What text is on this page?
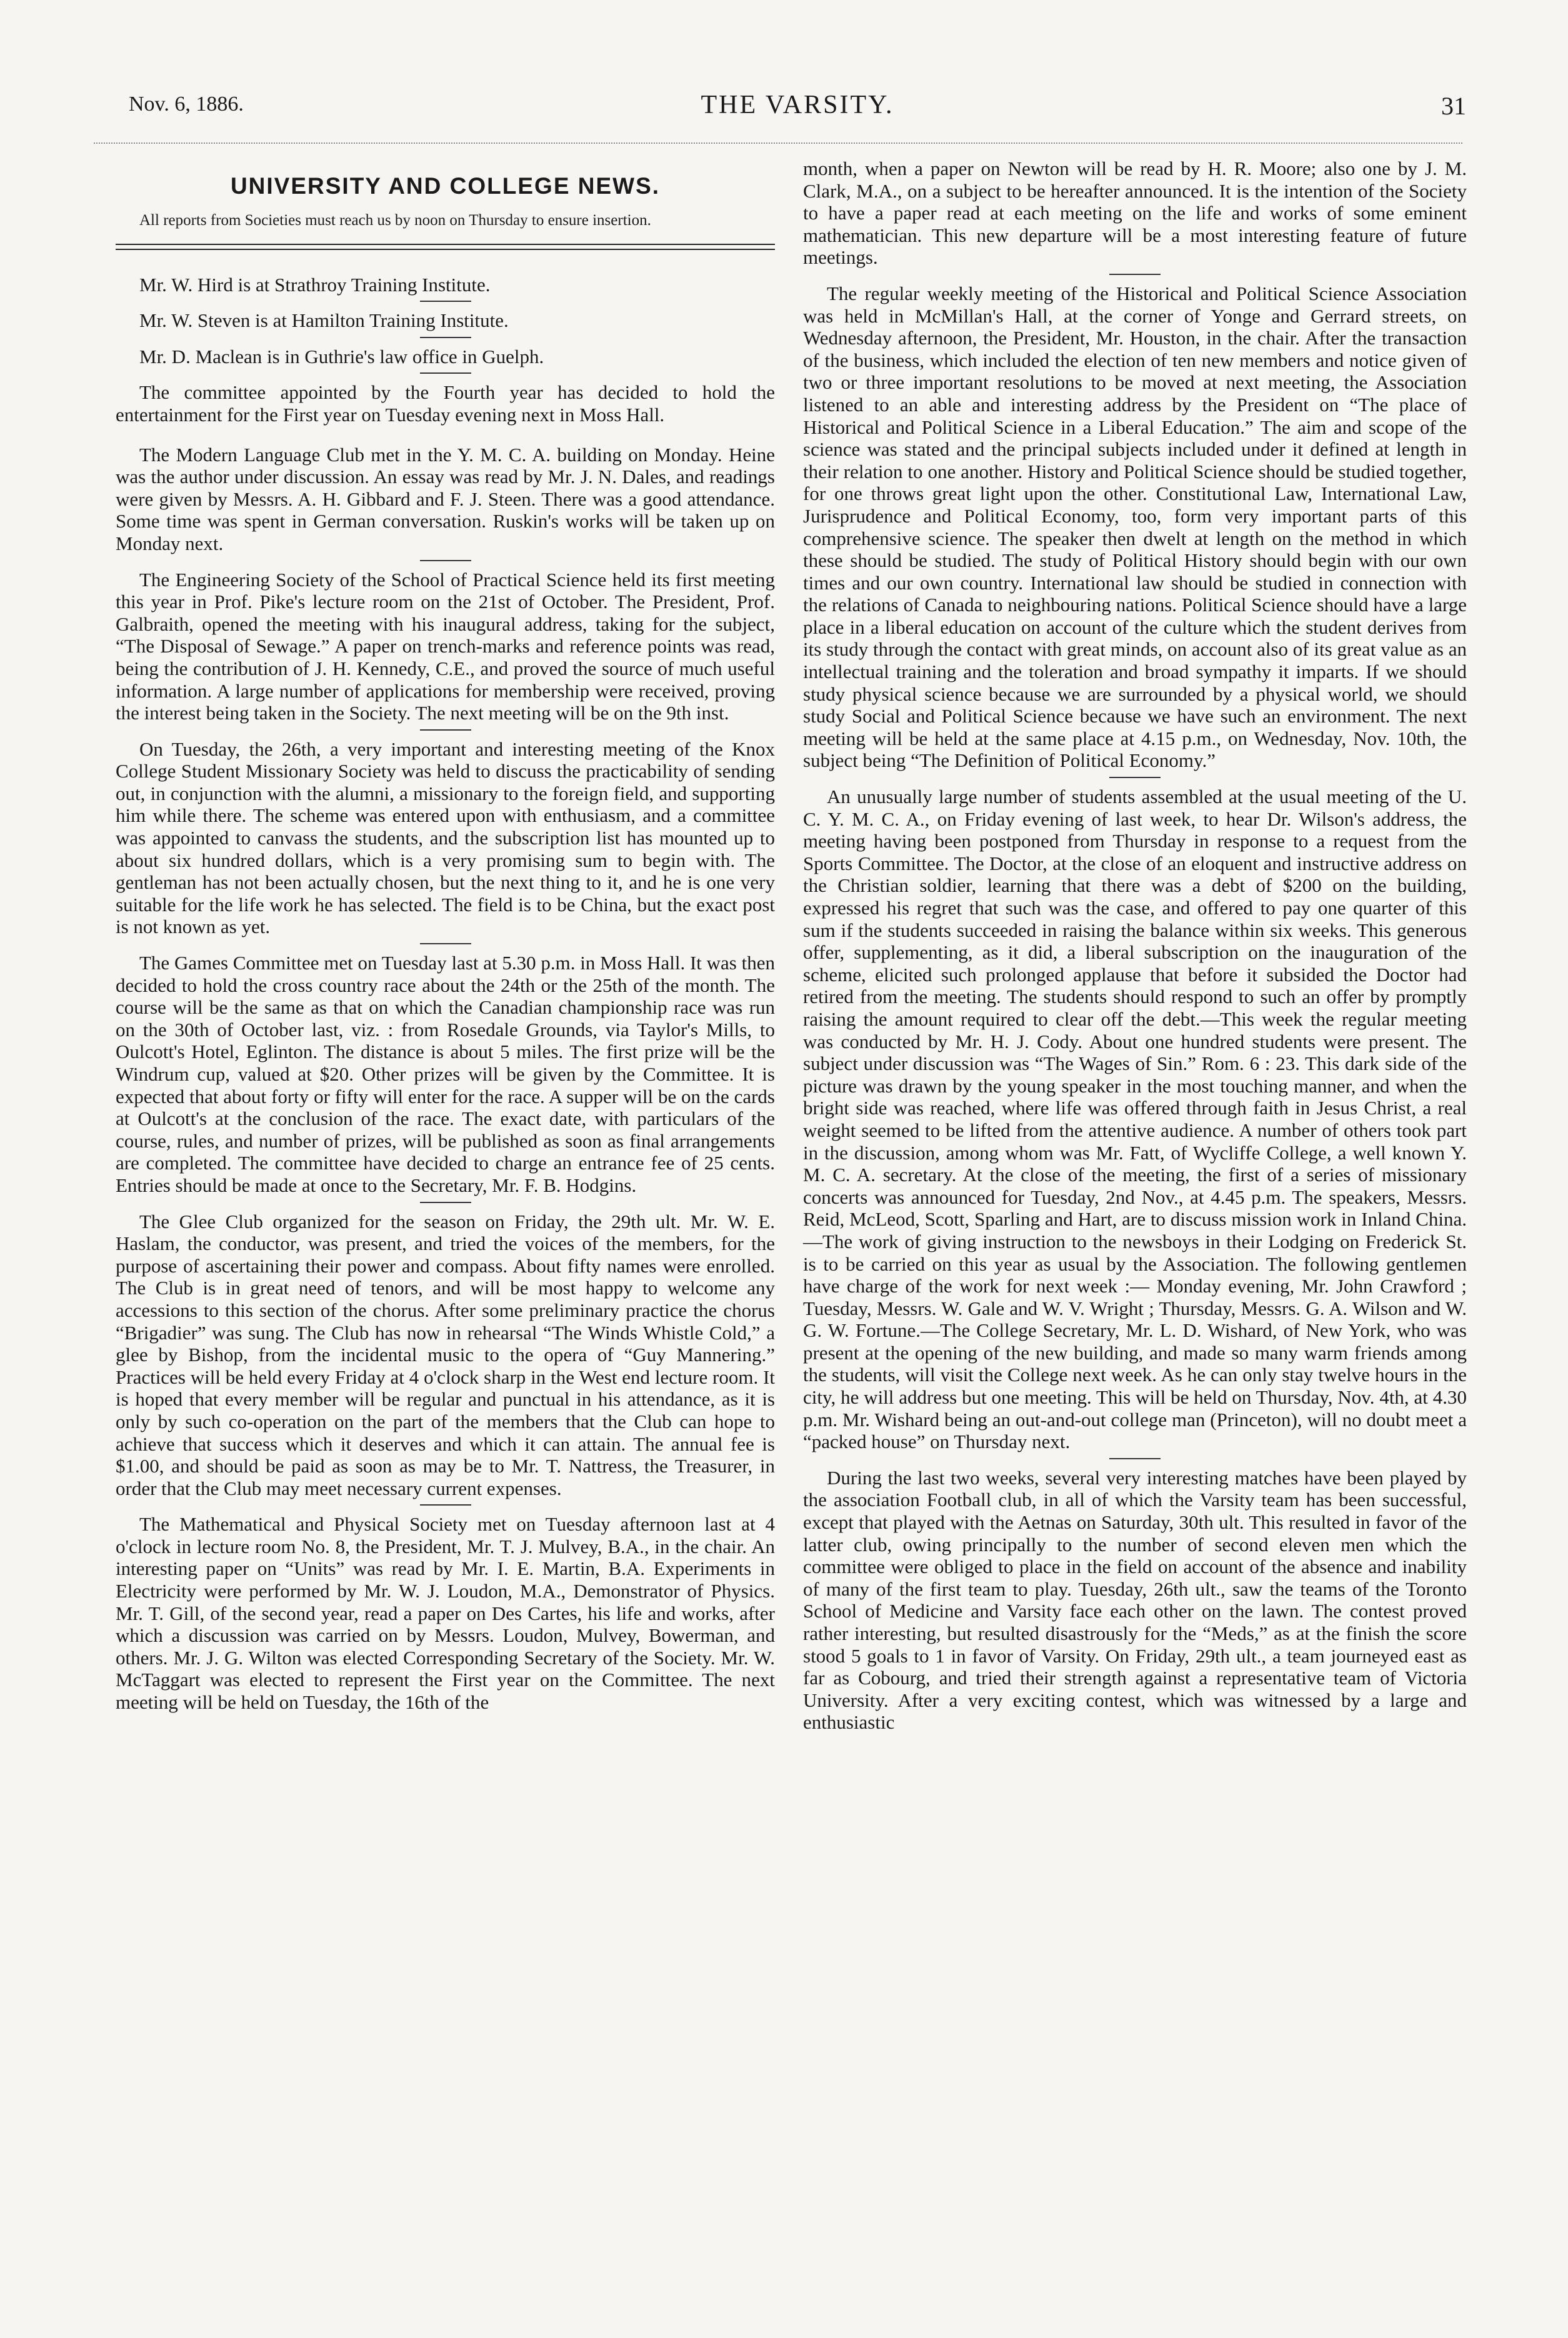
Nov. 6, 1886.	THE VARSITY.	31
UNIVERSITY AND COLLEGE NEWS.

All reports from Societies must reach us by noon on Thursday to ensure insertion.

Mr. W. Hird is at Strathroy Training Institute.

Mr. W. Steven is at Hamilton Training Institute.

Mr. D. Maclean is in Guthrie's law office in Guelph.

The committee appointed by the Fourth year has decided to hold the entertainment for the First year on Tuesday evening next in Moss Hall.

The Modern Language Club met in the Y. M. C. A. building on Monday. Heine was the author under discussion. An essay was read by Mr. J. N. Dales, and readings were given by Messrs. A. H. Gibbard and F. J. Steen. There was a good attendance. Some time was spent in German conversation. Ruskin's works will be taken up on Monday next.

The Engineering Society of the School of Practical Science held its first meeting this year in Prof. Pike's lecture room on the 21st of October. The President, Prof. Galbraith, opened the meeting with his inaugural address, taking for the subject, “The Disposal of Sewage.” A paper on trench-marks and reference points was read, being the contribution of J. H. Kennedy, C.E., and proved the source of much useful information. A large number of applications for membership were received, proving the interest being taken in the Society. The next meeting will be on the 9th inst.

On Tuesday, the 26th, a very important and interesting meeting of the Knox College Student Missionary Society was held to discuss the practicability of sending out, in conjunction with the alumni, a missionary to the foreign field, and supporting him while there. The scheme was entered upon with enthusiasm, and a committee was appointed to canvass the students, and the subscription list has mounted up to about six hundred dollars, which is a very promising sum to begin with. The gentleman has not been actually chosen, but the next thing to it, and he is one very suitable for the life work he has selected. The field is to be China, but the exact post is not known as yet.

The Games Committee met on Tuesday last at 5.30 p.m. in Moss Hall. It was then decided to hold the cross country race about the 24th or the 25th of the month. The course will be the same as that on which the Canadian championship race was run on the 30th of October last, viz. : from Rosedale Grounds, via Taylor's Mills, to Oulcott's Hotel, Eglinton. The distance is about 5 miles. The first prize will be the Windrum cup, valued at $20. Other prizes will be given by the Committee. It is expected that about forty or fifty will enter for the race. A supper will be on the cards at Oulcott's at the conclusion of the race. The exact date, with particulars of the course, rules, and number of prizes, will be published as soon as final arrangements are completed. The committee have decided to charge an entrance fee of 25 cents. Entries should be made at once to the Secretary, Mr. F. B. Hodgins.

The Glee Club organized for the season on Friday, the 29th ult. Mr. W. E. Haslam, the conductor, was present, and tried the voices of the members, for the purpose of ascertaining their power and compass. About fifty names were enrolled. The Club is in great need of tenors, and will be most happy to welcome any accessions to this section of the chorus. After some preliminary practice the chorus “Brigadier” was sung. The Club has now in rehearsal “The Winds Whistle Cold,” a glee by Bishop, from the incidental music to the opera of “Guy Mannering.” Practices will be held every Friday at 4 o'clock sharp in the West end lecture room. It is hoped that every member will be regular and punctual in his attendance, as it is only by such co-operation on the part of the members that the Club can hope to achieve that success which it deserves and which it can attain. The annual fee is $1.00, and should be paid as soon as may be to Mr. T. Nattress, the Treasurer, in order that the Club may meet necessary current expenses.

The Mathematical and Physical Society met on Tuesday afternoon last at 4 o'clock in lecture room No. 8, the President, Mr. T. J. Mulvey, B.A., in the chair. An interesting paper on “Units” was read by Mr. I. E. Martin, B.A. Experiments in Electricity were performed by Mr. W. J. Loudon, M.A., Demonstrator of Physics. Mr. T. Gill, of the second year, read a paper on Des Cartes, his life and works, after which a discussion was carried on by Messrs. Loudon, Mulvey, Bowerman, and others. Mr. J. G. Wilton was elected Corresponding Secretary of the Society. Mr. W. McTaggart was elected to represent the First year on the Committee. The next meeting will be held on Tuesday, the 16th of the

month, when a paper on Newton will be read by H. R. Moore; also one by J. M. Clark, M.A., on a subject to be hereafter announced. It is the intention of the Society to have a paper read at each meeting on the life and works of some eminent mathematician. This new departure will be a most interesting feature of future meetings.

The regular weekly meeting of the Historical and Political Science Association was held in McMillan's Hall, at the corner of Yonge and Gerrard streets, on Wednesday afternoon, the President, Mr. Houston, in the chair. After the transaction of the business, which included the election of ten new members and notice given of two or three important resolutions to be moved at next meeting, the Association listened to an able and interesting address by the President on “The place of Historical and Political Science in a Liberal Education.” The aim and scope of the science was stated and the principal subjects included under it defined at length in their relation to one another. History and Political Science should be studied together, for one throws great light upon the other. Constitutional Law, International Law, Jurisprudence and Political Economy, too, form very important parts of this comprehensive science. The speaker then dwelt at length on the method in which these should be studied. The study of Political History should begin with our own times and our own country. International law should be studied in connection with the relations of Canada to neighbouring nations. Political Science should have a large place in a liberal education on account of the culture which the student derives from its study through the contact with great minds, on account also of its great value as an intellectual training and the toleration and broad sympathy it imparts. If we should study physical science because we are surrounded by a physical world, we should study Social and Political Science because we have such an environment. The next meeting will be held at the same place at 4.15 p.m., on Wednesday, Nov. 10th, the subject being “The Definition of Political Economy.”

An unusually large number of students assembled at the usual meeting of the U. C. Y. M. C. A., on Friday evening of last week, to hear Dr. Wilson's address, the meeting having been postponed from Thursday in response to a request from the Sports Committee. The Doctor, at the close of an eloquent and instructive address on the Christian soldier, learning that there was a debt of $200 on the building, expressed his regret that such was the case, and offered to pay one quarter of this sum if the students succeeded in raising the balance within six weeks. This generous offer, supplementing, as it did, a liberal subscription on the inauguration of the scheme, elicited such prolonged applause that before it subsided the Doctor had retired from the meeting. The students should respond to such an offer by promptly raising the amount required to clear off the debt.—This week the regular meeting was conducted by Mr. H. J. Cody. About one hundred students were present. The subject under discussion was “The Wages of Sin.” Rom. 6 : 23. This dark side of the picture was drawn by the young speaker in the most touching manner, and when the bright side was reached, where life was offered through faith in Jesus Christ, a real weight seemed to be lifted from the attentive audience. A number of others took part in the discussion, among whom was Mr. Fatt, of Wycliffe College, a well known Y. M. C. A. secretary. At the close of the meeting, the first of a series of missionary concerts was announced for Tuesday, 2nd Nov., at 4.45 p.m. The speakers, Messrs. Reid, McLeod, Scott, Sparling and Hart, are to discuss mission work in Inland China.—The work of giving instruction to the newsboys in their Lodging on Frederick St. is to be carried on this year as usual by the Association. The following gentlemen have charge of the work for next week :— Monday evening, Mr. John Crawford ; Tuesday, Messrs. W. Gale and W. V. Wright ; Thursday, Messrs. G. A. Wilson and W. G. W. Fortune.—The College Secretary, Mr. L. D. Wishard, of New York, who was present at the opening of the new building, and made so many warm friends among the students, will visit the College next week. As he can only stay twelve hours in the city, he will address but one meeting. This will be held on Thursday, Nov. 4th, at 4.30 p.m. Mr. Wishard being an out-and-out college man (Princeton), will no doubt meet a “packed house” on Thursday next.

During the last two weeks, several very interesting matches have been played by the association Football club, in all of which the Varsity team has been successful, except that played with the Aetnas on Saturday, 30th ult. This resulted in favor of the latter club, owing principally to the number of second eleven men which the committee were obliged to place in the field on account of the absence and inability of many of the first team to play. Tuesday, 26th ult., saw the teams of the Toronto School of Medicine and Varsity face each other on the lawn. The contest proved rather interesting, but resulted disastrously for the “Meds,” as at the finish the score stood 5 goals to 1 in favor of Varsity. On Friday, 29th ult., a team journeyed east as far as Cobourg, and tried their strength against a representative team of Victoria University. After a very exciting contest, which was witnessed by a large and enthusiastic
